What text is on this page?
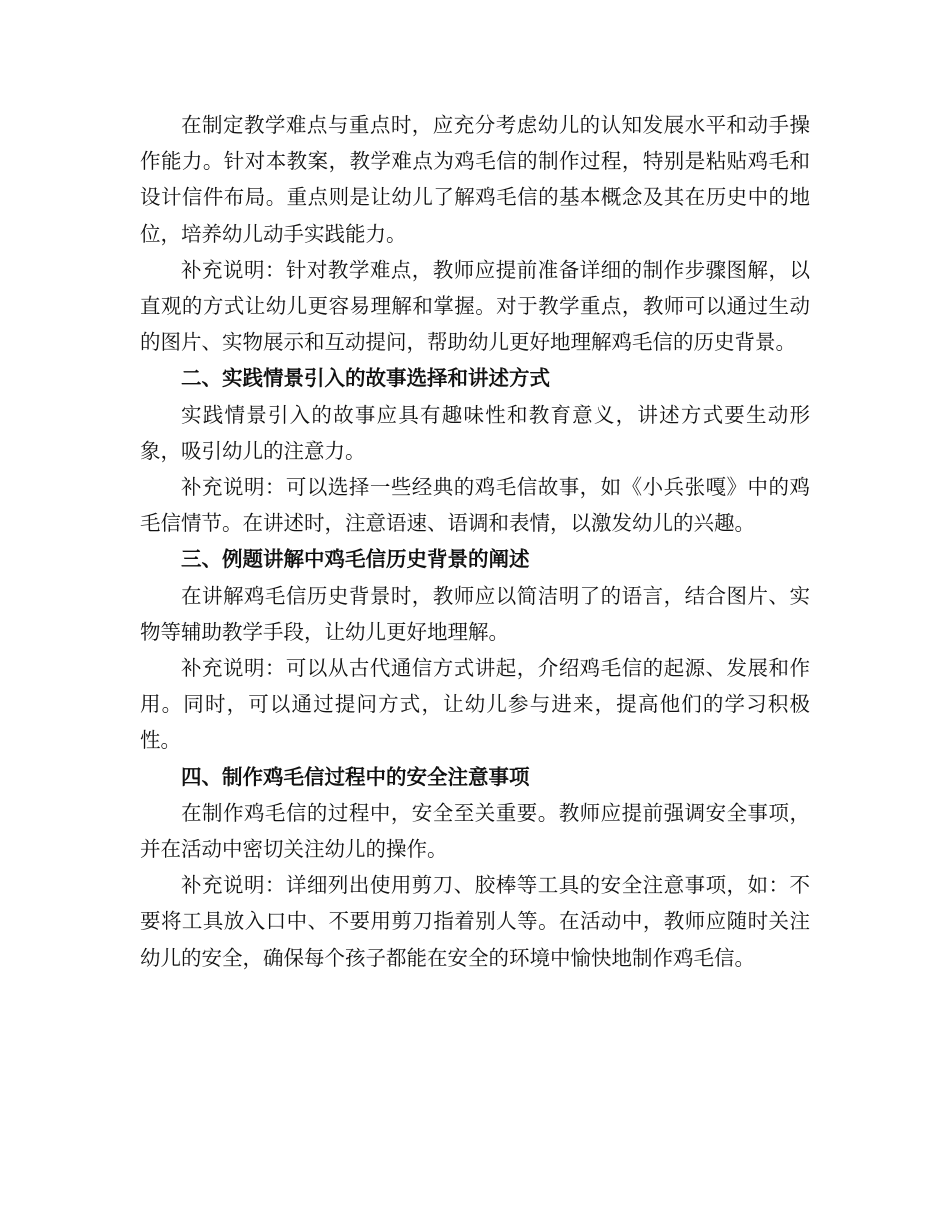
在制定教学难点与重点时，应充分考虑幼儿的认知发展水平和动手操作能力。针对本教案，教学难点为鸡毛信的制作过程，特别是粘贴鸡毛和设计信件布局。重点则是让幼儿了解鸡毛信的基本概念及其在历史中的地位，培养幼儿动手实践能力。

补充说明：针对教学难点，教师应提前准备详细的制作步骤图解，以直观的方式让幼儿更容易理解和掌握。对于教学重点，教师可以通过生动的图片、实物展示和互动提问，帮助幼儿更好地理解鸡毛信的历史背景。

二、实践情景引入的故事选择和讲述方式

实践情景引入的故事应具有趣味性和教育意义，讲述方式要生动形象，吸引幼儿的注意力。

补充说明：可以选择一些经典的鸡毛信故事，如《小兵张嘎》中的鸡毛信情节。在讲述时，注意语速、语调和表情，以激发幼儿的兴趣。

三、例题讲解中鸡毛信历史背景的阐述

在讲解鸡毛信历史背景时，教师应以简洁明了的语言，结合图片、实物等辅助教学手段，让幼儿更好地理解。

补充说明：可以从古代通信方式讲起，介绍鸡毛信的起源、发展和作用。同时，可以通过提问方式，让幼儿参与进来，提高他们的学习积极性。

四、制作鸡毛信过程中的安全注意事项

在制作鸡毛信的过程中，安全至关重要。教师应提前强调安全事项，并在活动中密切关注幼儿的操作。

补充说明：详细列出使用剪刀、胶棒等工具的安全注意事项，如：不要将工具放入口中、不要用剪刀指着别人等。在活动中，教师应随时关注幼儿的安全，确保每个孩子都能在安全的环境中愉快地制作鸡毛信。
